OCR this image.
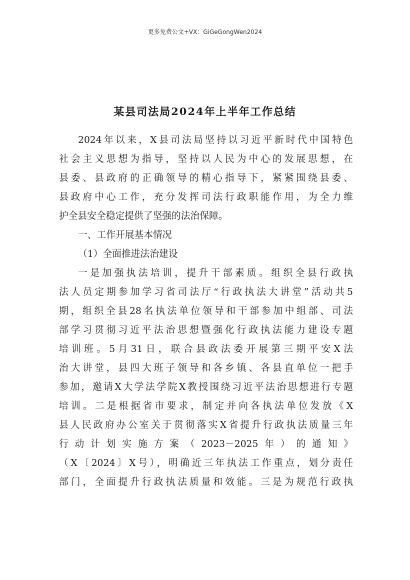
更多免费公文+VX：GiGeGongWen2024
某县司法局2024年上半年工作总结
2024年以来，X县司法局坚持以习近平新时代中国特色
社会主义思想为指导，坚持以人民为中心的发展思想，在
县委、县政府的正确领导的精心指导下，紧紧围绕县委、
县政府中心工作，充分发挥司法行政职能作用，为全力维
护全县安全稳定提供了坚强的法治保障。
一、工作开展基本情况
（1）全面推进法治建设
一是加强执法培训，提升干部素质。组织全县行政执
法人员定期参加学习省司法厅“行政执法大讲堂”活动共5
期，组织全县28名执法单位领导和干部参加中组部、司法
部学习贯彻习近平法治思想暨强化行政执法能力建设专题
培训班。5月31日，联合县政法委开展第三期平安X法
治大讲堂，县四大班子领导和各乡镇、各县直单位一把手
参加，邀请X大学法学院X教授围绕习近平法治思想进行专题
培训。二是根据省市要求，制定并向各执法单位发放《X
县人民政府办公室关于贯彻落实X省提升行政执法质量三年
行动计划实施方案（2023－2025年）的通知》
（X〔2024〕X号），明确近三年执法工作重点，划分责任
部门，全面提升行政执法质量和效能。三是为规范行政执
